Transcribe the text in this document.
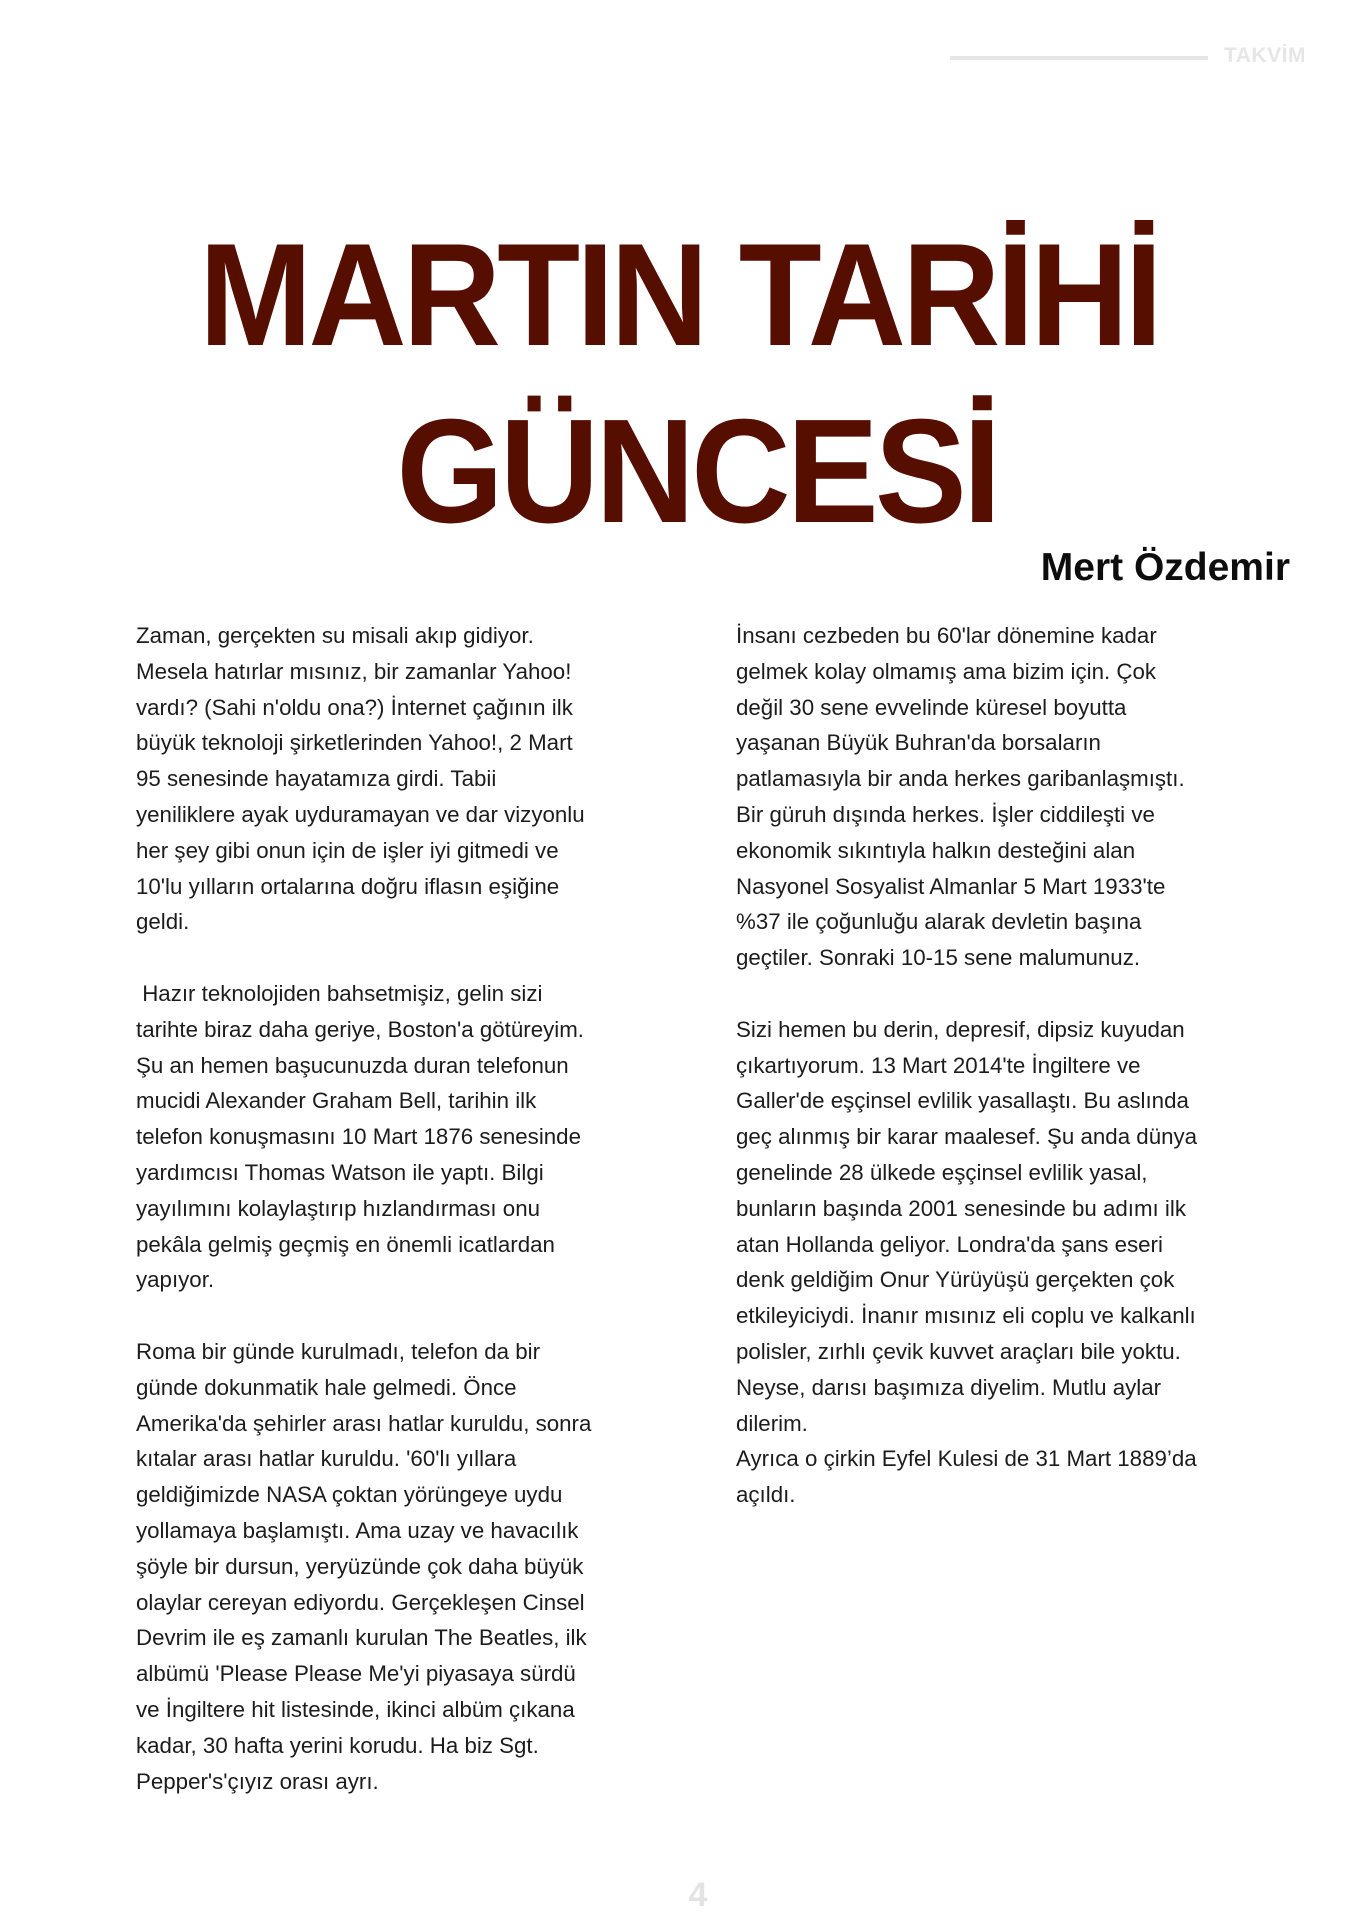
TAKVİM
MARTIN TARİHİ
GÜNCESİ
Mert Özdemir

Zaman, gerçekten su misali akıp gidiyor.
Mesela hatırlar mısınız, bir zamanlar Yahoo!
vardı? (Sahi n'oldu ona?) İnternet çağının ilk
büyük teknoloji şirketlerinden Yahoo!, 2 Mart
95 senesinde hayatamıza girdi. Tabii
yeniliklere ayak uyduramayan ve dar vizyonlu
her şey gibi onun için de işler iyi gitmedi ve
10'lu yılların ortalarına doğru iflasın eşiğine
geldi.

Hazır teknolojiden bahsetmişiz, gelin sizi
tarihte biraz daha geriye, Boston'a götüreyim.
Şu an hemen başucunuzda duran telefonun
mucidi Alexander Graham Bell, tarihin ilk
telefon konuşmasını 10 Mart 1876 senesinde
yardımcısı Thomas Watson ile yaptı. Bilgi
yayılımını kolaylaştırıp hızlandırması onu
pekâla gelmiş geçmiş en önemli icatlardan
yapıyor.

Roma bir günde kurulmadı, telefon da bir
günde dokunmatik hale gelmedi. Önce
Amerika'da şehirler arası hatlar kuruldu, sonra
kıtalar arası hatlar kuruldu. '60'lı yıllara
geldiğimizde NASA çoktan yörüngeye uydu
yollamaya başlamıştı. Ama uzay ve havacılık
şöyle bir dursun, yeryüzünde çok daha büyük
olaylar cereyan ediyordu. Gerçekleşen Cinsel
Devrim ile eş zamanlı kurulan The Beatles, ilk
albümü 'Please Please Me'yi piyasaya sürdü
ve İngiltere hit listesinde, ikinci albüm çıkana
kadar, 30 hafta yerini korudu. Ha biz Sgt.
Pepper's'çıyız orası ayrı.

İnsanı cezbeden bu 60'lar dönemine kadar
gelmek kolay olmamış ama bizim için. Çok
değil 30 sene evvelinde küresel boyutta
yaşanan Büyük Buhran'da borsaların
patlamasıyla bir anda herkes garibanlaşmıştı.
Bir güruh dışında herkes. İşler ciddileşti ve
ekonomik sıkıntıyla halkın desteğini alan
Nasyonel Sosyalist Almanlar 5 Mart 1933'te
%37 ile çoğunluğu alarak devletin başına
geçtiler. Sonraki 10-15 sene malumunuz.

Sizi hemen bu derin, depresif, dipsiz kuyudan
çıkartıyorum. 13 Mart 2014'te İngiltere ve
Galler'de eşçinsel evlilik yasallaştı. Bu aslında
geç alınmış bir karar maalesef. Şu anda dünya
genelinde 28 ülkede eşçinsel evlilik yasal,
bunların başında 2001 senesinde bu adımı ilk
atan Hollanda geliyor. Londra'da şans eseri
denk geldiğim Onur Yürüyüşü gerçekten çok
etkileyiciydi. İnanır mısınız eli coplu ve kalkanlı
polisler, zırhlı çevik kuvvet araçları bile yoktu.
Neyse, darısı başımıza diyelim. Mutlu aylar
dilerim.

Ayrıca o çirkin Eyfel Kulesi de 31 Mart 1889’da
açıldı.

4
